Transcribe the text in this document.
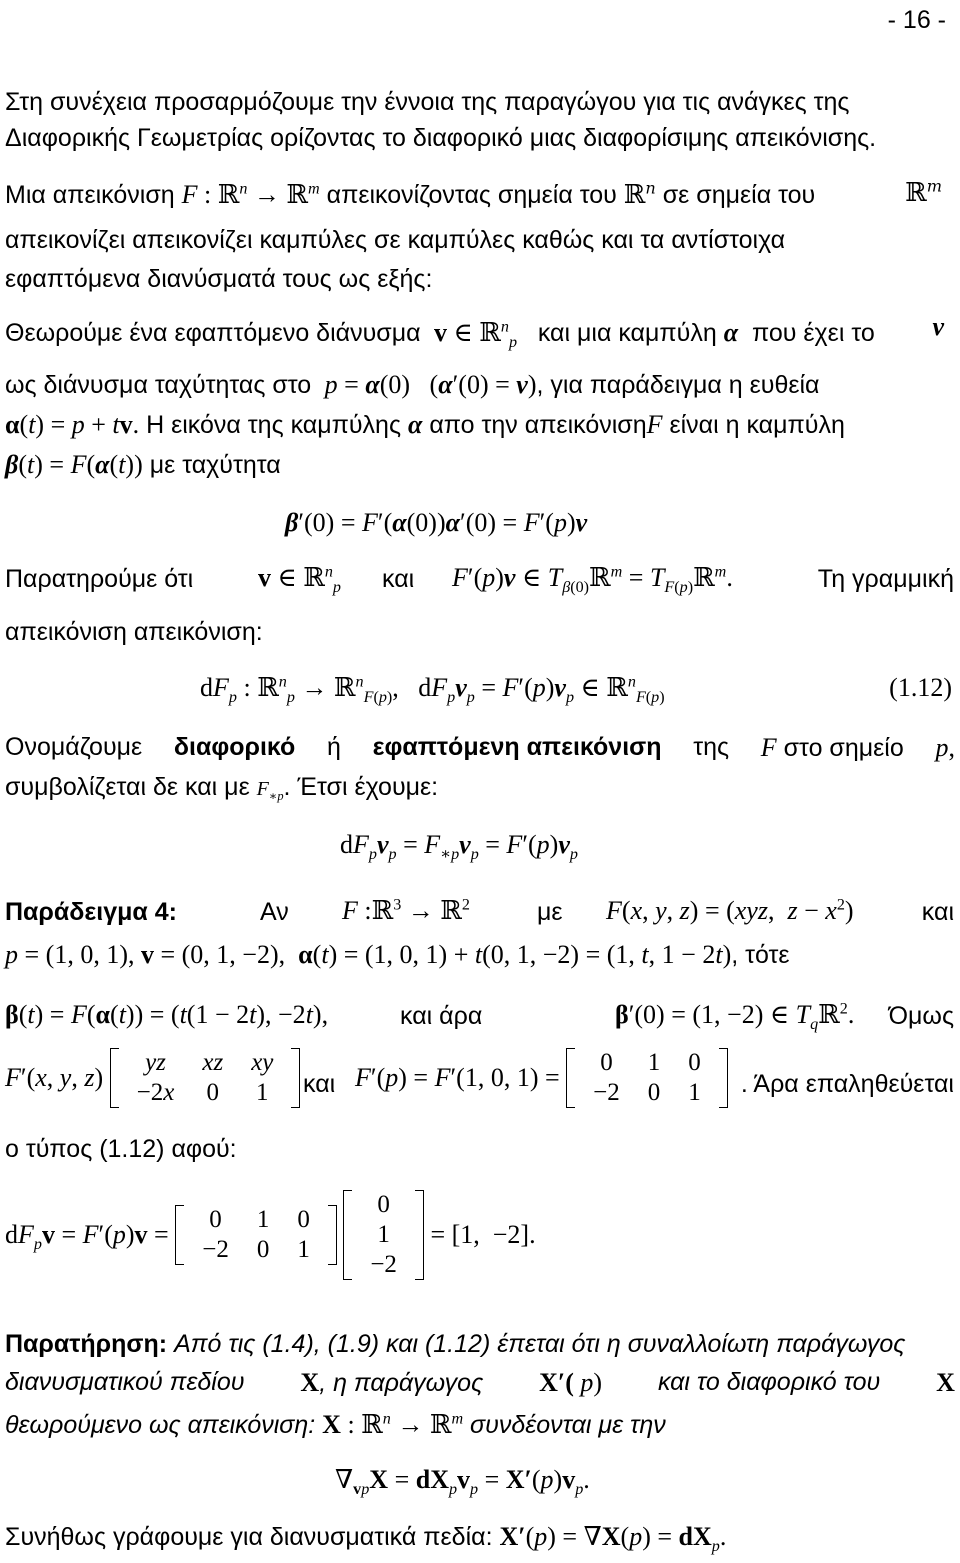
- 16 -
Στη συνέχεια προσαρμόζουμε την έννοια της παραγώγου για τις ανάγκες της
Διαφορικής Γεωμετρίας ορίζοντας το διαφορικό μιας διαφορίσιμης απεικόνισης.
Μια απεικόνιση F : ℝ$^n$ → ℝ$^m$ απεικονίζοντας σημεία του ℝ$^n$ σε σημεία του	ℝ$^m$
απεικονίζει απεικονίζει καμπύλες σε καμπύλες καθώς και τα αντίστοιχα
εφαπτόμενα διανύσματά τους ως εξής:
Θεωρούμε ένα εφαπτόμενο διάνυσμα v ∈ ℝ$^n_p$ και μια καμπύλη α που έχει το	v
ως διάνυσμα ταχύτητας στο p = α(0)   (α′(0) = v), για παράδειγμα η ευθεία
α(t) = p + tv. Η εικόνα της καμπύλης α απο την απεικόνισηF είναι η καμπύλη
β(t) = F(α(t)) με ταχύτητα
β′(0) = F′(α(0))α′(0) = F′(p)v
Παρατηρούμε ότι	v ∈ ℝ$^n_p$ και F′(p)v ∈ $T_{\beta(0)}ℝ^m$ = $T_{F(p)}ℝ^m$.	Τη γραμμική
απεικόνιση απεικόνιση:
$dF_p$ : ℝ$^n_p$ → ℝ$^n_{F(p)}$,   $dF_pv_p = F'(p)v_p$ ∈ ℝ$^n_{F(p)}$	(1.12)
Ονομάζουμε διαφορικό ή εφαπτόμενη απεικόνιση της F στο σημείο p,
συμβολίζεται δε και με $F_{∗p}$. Έτσι έχουμε:
$dF_pv_p = F_{∗p}v_p = F'(p)v_p$
Παράδειγμα 4:	Αν F :ℝ$^3$ → ℝ$^2$	με F(x, y, z) = (xyz,  $z - x^2$)	και
p = (1, 0, 1), v = (0, 1, −2),  α(t) = (1, 0, 1) + t(0, 1, −2) = (1, t, 1 − 2t), τότε
β(t) = F(α(t)) = (t(1 − 2t), −2t),	και άρα	β′(0) = (1, −2) ∈ $T_qℝ^2$. Όμως
F′(x, y, z)
yz	xz	xy
−2x	0	1 και F′(p) = F′(1, 0, 1) =
0	1	0
−2	0	1 . Άρα επαληθεύεται
ο τύπος (1.12) αφού:
$dF_pv = F'(p)v$ =
0	1	0
−2	0	1

0
1
−2
= [1,  −2].
Παρατήρηση: Από τις (1.4), (1.9) και (1.12) έπεται ότι η συναλλοίωτη παράγωγος
διανυσματικού πεδίου X, η παράγωγος X′( p) και το διαφορικό του X
θεωρούμενο ως απεικόνιση: X : ℝ$^n$ → ℝ$^m$ συνδέονται με την
$\nabla_{vp}X = dX_pv_p = X'(p)v_p$.
Συνήθως γράφουμε για διανυσματικά πεδία: $X'(p) = \nabla X(p) = dX_p$.
